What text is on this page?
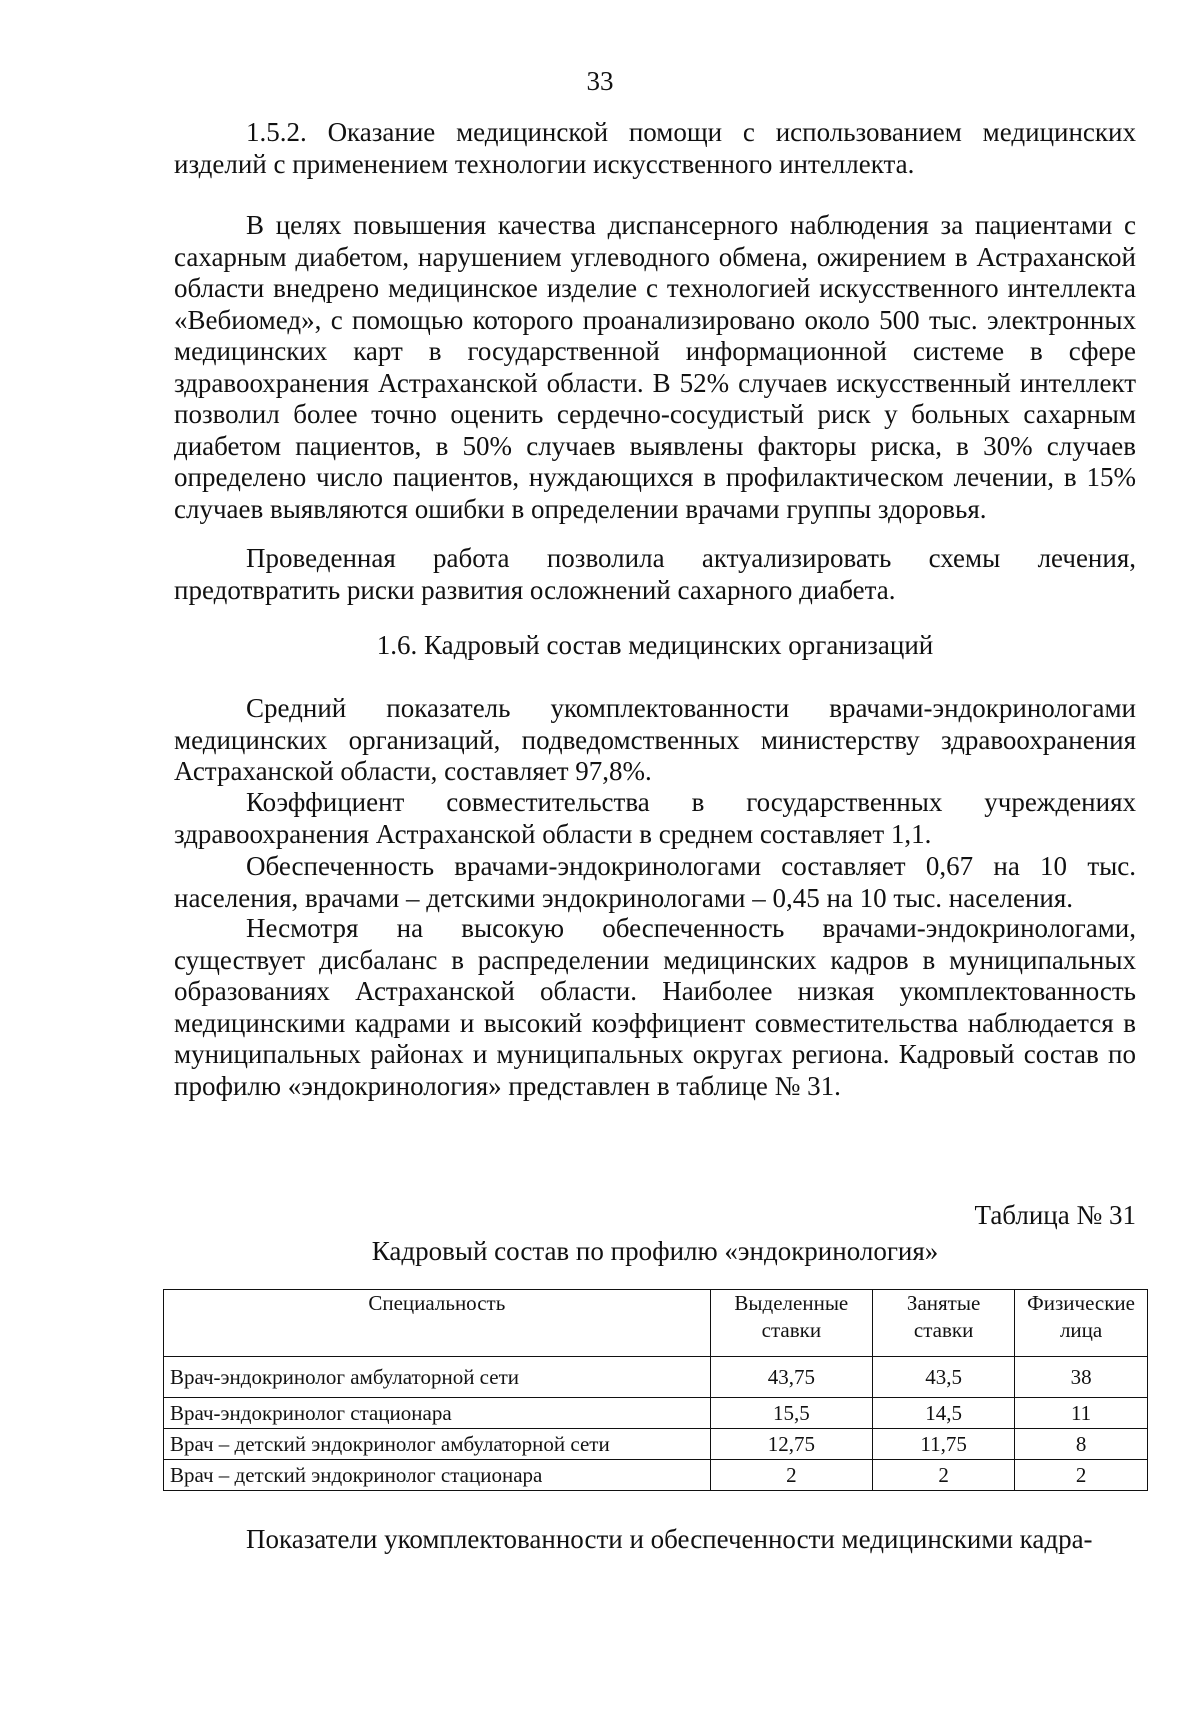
33

1.5.2. Оказание медицинской помощи с использованием медицинских изделий с применением технологии искусственного интеллекта.

В целях повышения качества диспансерного наблюдения за пациентами с сахарным диабетом, нарушением углеводного обмена, ожирением в Астраханской области внедрено медицинское изделие с технологией искусственного интеллекта «Вебиомед», с помощью которого проанализировано около 500 тыс. электронных медицинских карт в государственной информационной системе в сфере здравоохранения Астраханской области. В 52% случаев искусственный интеллект позволил более точно оценить сердечно-сосудистый риск у больных сахарным диабетом пациентов, в 50% случаев выявлены факторы риска, в 30% случаев определено число пациентов, нуждающихся в профилактическом лечении, в 15% случаев выявляются ошибки в определении врачами группы здоровья.

Проведенная работа позволила актуализировать схемы лечения, предотвратить риски развития осложнений сахарного диабета.

1.6. Кадровый состав медицинских организаций

Средний показатель укомплектованности врачами-эндокринологами медицинских организаций, подведомственных министерству здравоохранения Астраханской области, составляет 97,8%.

Коэффициент совместительства в государственных учреждениях здравоохранения Астраханской области в среднем составляет 1,1.

Обеспеченность врачами-эндокринологами составляет 0,67 на 10 тыс. населения, врачами – детскими эндокринологами – 0,45 на 10 тыс. населения.

Несмотря на высокую обеспеченность врачами-эндокринологами, существует дисбаланс в распределении медицинских кадров в муниципальных образованиях Астраханской области. Наиболее низкая укомплектованность медицинскими кадрами и высокий коэффициент совместительства наблюдается в муниципальных районах и муниципальных округах региона. Кадровый состав по профилю «эндокринология» представлен в таблице № 31.

Таблица № 31

Кадровый состав по профилю «эндокринология»

Специальность	Выделенные ставки	Занятые ставки	Физические лица
Врач-эндокринолог амбулаторной сети	43,75	43,5	38
Врач-эндокринолог стационара	15,5	14,5	11
Врач – детский эндокринолог амбулаторной сети	12,75	11,75	8
Врач – детский эндокринолог стационара	2	2	2

Показатели укомплектованности и обеспеченности медицинскими кадра-
